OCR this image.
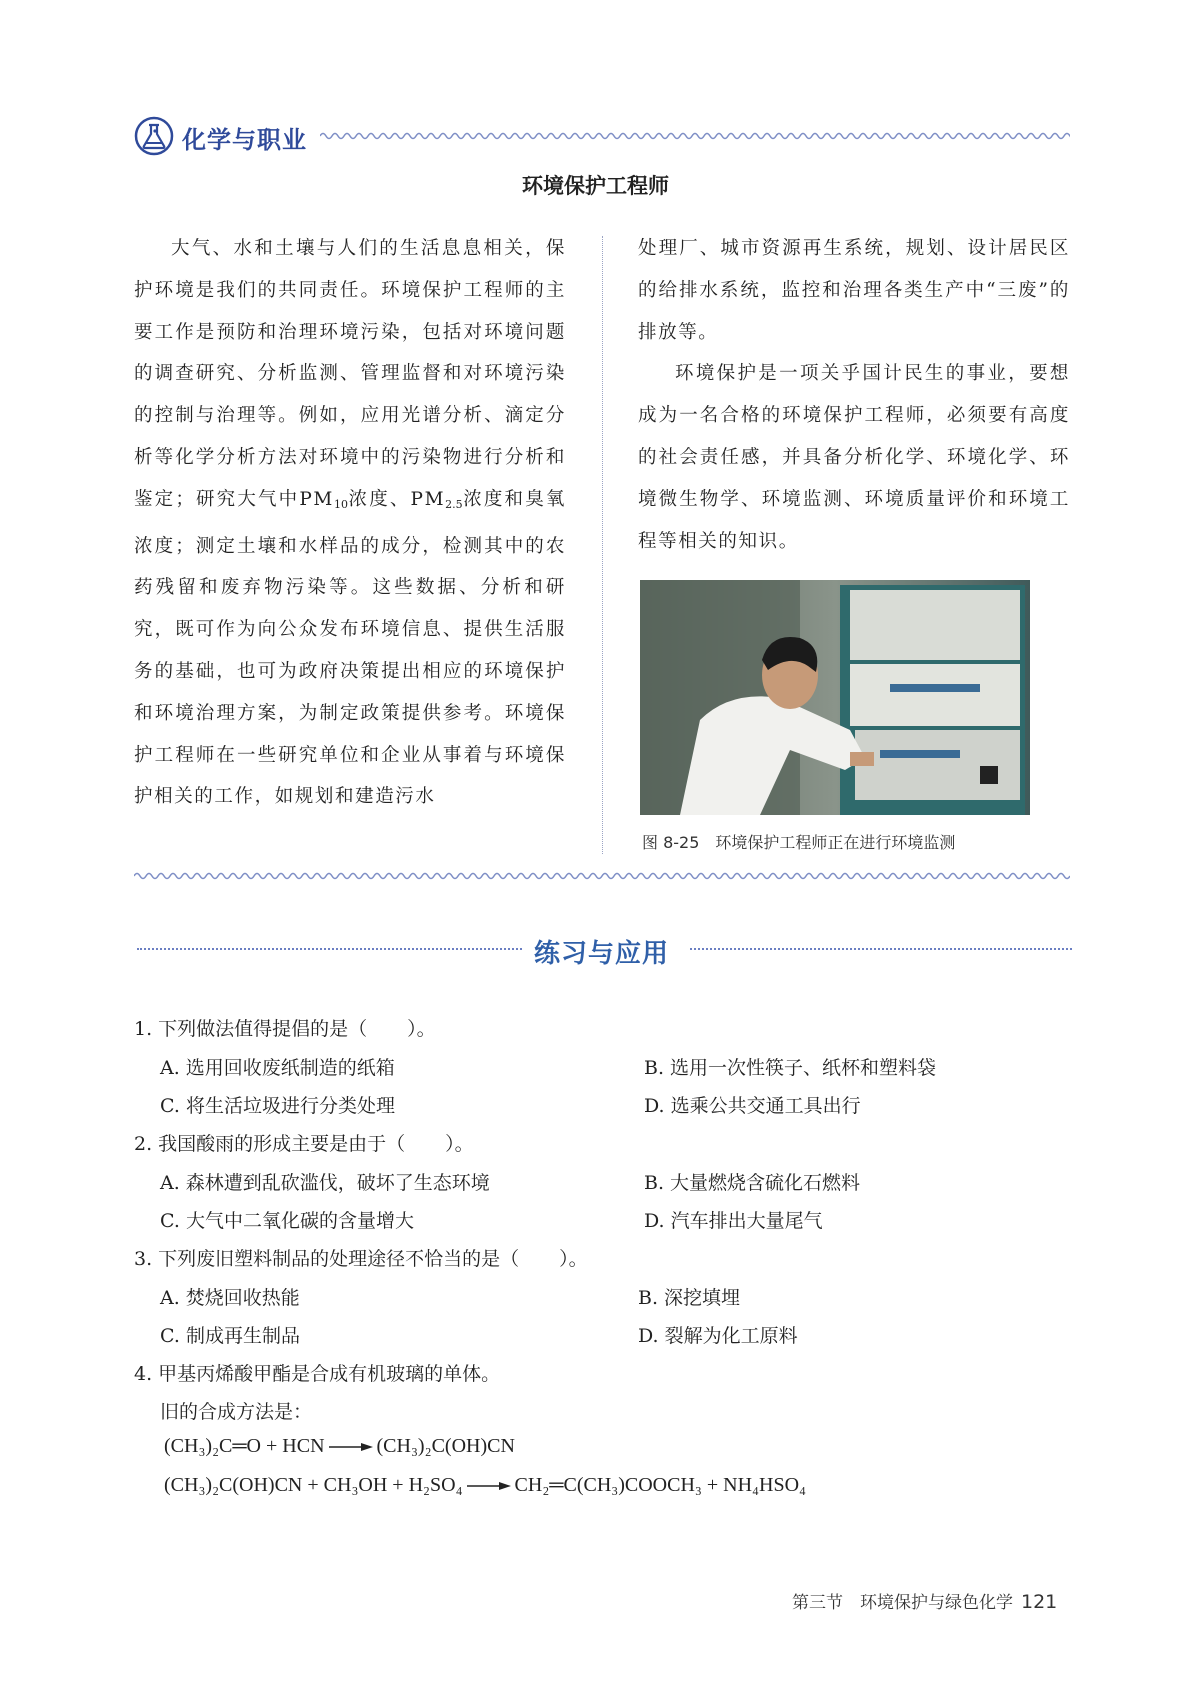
化学与职业
环境保护工程师

大气、水和土壤与人们的生活息息相关，保护环境是我们的共同责任。环境保护工程师的主要工作是预防和治理环境污染，包括对环境问题的调查研究、分析监测、管理监督和对环境污染的控制与治理等。例如，应用光谱分析、滴定分析等化学分析方法对环境中的污染物进行分析和鉴定；研究大气中$PM_{10}$浓度、$PM_{2.5}$浓度和臭氧浓度；测定土壤和水样品的成分，检测其中的农药残留和废弃物污染等。这些数据、分析和研究，既可作为向公众发布环境信息、提供生活服务的基础，也可为政府决策提出相应的环境保护和环境治理方案，为制定政策提供参考。环境保护工程师在一些研究单位和企业从事着与环境保护相关的工作，如规划和建造污水

处理厂、城市资源再生系统，规划、设计居民区的给排水系统，监控和治理各类生产中“三废”的排放等。

环境保护是一项关乎国计民生的事业，要想成为一名合格的环境保护工程师，必须要有高度的社会责任感，并具备分析化学、环境化学、环境微生物学、环境监测、环境质量评价和环境工程等相关的知识。

图 8-25 环境保护工程师正在进行环境监测
练习与应用
1. 下列做法值得提倡的是（ ）。
A. 选用回收废纸制造的纸箱	B. 选用一次性筷子、纸杯和塑料袋
C. 将生活垃圾进行分类处理	D. 选乘公共交通工具出行
2. 我国酸雨的形成主要是由于（ ）。
A. 森林遭到乱砍滥伐，破坏了生态环境	B. 大量燃烧含硫化石燃料
C. 大气中二氧化碳的含量增大	D. 汽车排出大量尾气
3. 下列废旧塑料制品的处理途径不恰当的是（ ）。
A. 焚烧回收热能	B. 深挖填埋
C. 制成再生制品	D. 裂解为化工原料
4. 甲基丙烯酸甲酯是合成有机玻璃的单体。
旧的合成方法是：
(CH₃)₂C═O + HCN → (CH₃)₂C(OH)CN
(CH₃)₂C(OH)CN + CH₃OH + H₂SO₄ → CH₂═C(CH₃)COOCH₃ + NH₄HSO₄
第三节　环境保护与绿色化学 121
